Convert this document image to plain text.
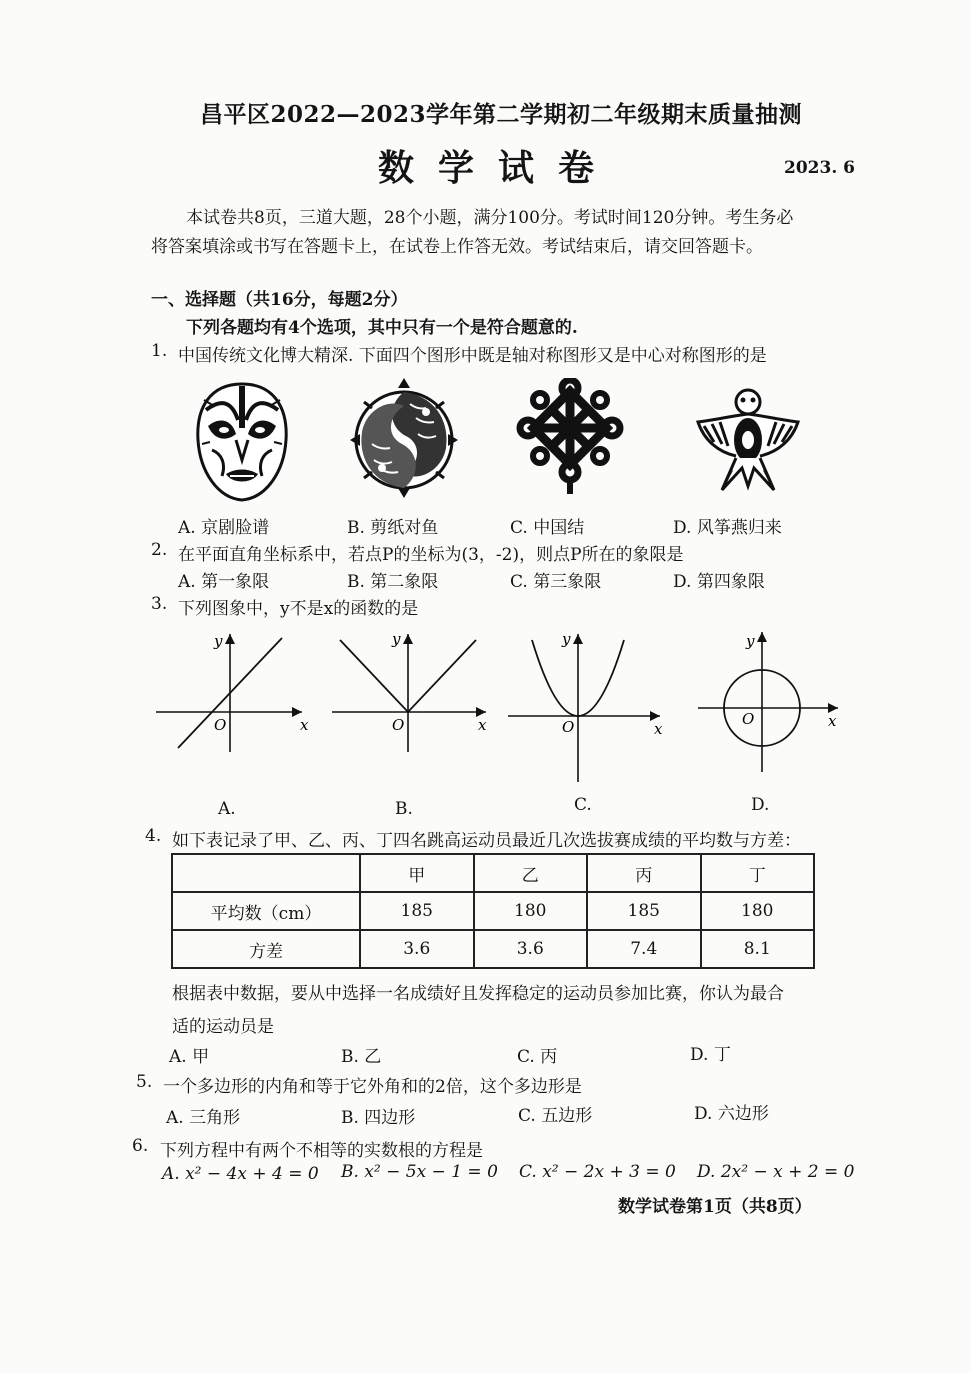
昌平区2022—2023学年第二学期初二年级期末质量抽测
数学试卷	2023. 6
本试卷共8页，三道大题，28个小题，满分100分。考试时间120分钟。考生务必
将答案填涂或书写在答题卡上，在试卷上作答无效。考试结束后，请交回答题卡。
一、选择题（共16分，每题2分）
下列各题均有4个选项，其中只有一个是符合题意的.
1. 中国传统文化博大精深. 下面四个图形中既是轴对称图形又是中心对称图形的是
A. 京剧脸谱	B. 剪纸对鱼	C. 中国结	D. 风筝燕归来
2. 在平面直角坐标系中，若点P的坐标为(3，-2)，则点P所在的象限是
A. 第一象限	B. 第二象限	C. 第三象限	D. 第四象限
3. 下列图象中，y不是x的函数的是
y
x
O
A.
y
x
O
B.
y
x
O
C.
y
x
O
D.
4. 如下表记录了甲、乙、丙、丁四名跳高运动员最近几次选拔赛成绩的平均数与方差：
	甲	乙	丙	丁
平均数（cm）	185	180	185	180
方差	3.6	3.6	7.4	8.1
根据表中数据，要从中选择一名成绩好且发挥稳定的运动员参加比赛，你认为最合
适的运动员是
A. 甲	B. 乙	C. 丙	D. 丁
5. 一个多边形的内角和等于它外角和的2倍，这个多边形是
A. 三角形	B. 四边形	C. 五边形	D. 六边形
6. 下列方程中有两个不相等的实数根的方程是
A. x² − 4x + 4 = 0 B. x² − 5x − 1 = 0 C. x² − 2x + 3 = 0 D. 2x² − x + 2 = 0
数学试卷第1页（共8页）
